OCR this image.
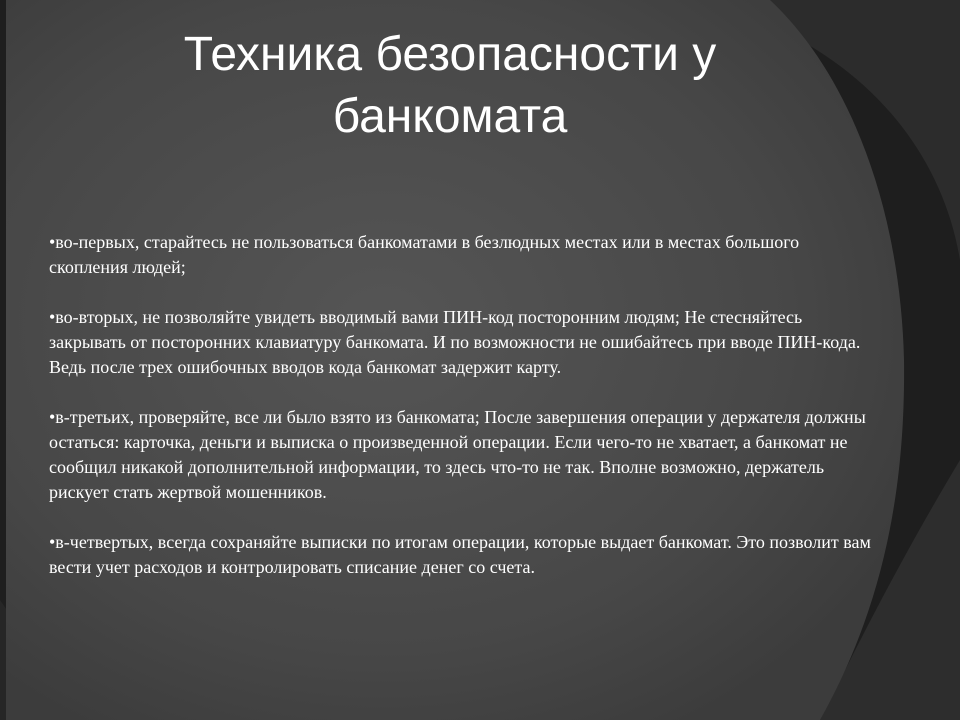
Техника безопасности у банкомата

•во-первых, старайтесь не пользоваться банкоматами в безлюдных местах или в местах большого скопления людей;

•во-вторых, не позволяйте увидеть вводимый вами ПИН-код посторонним людям; Не стесняйтесь закрывать от посторонних клавиатуру банкомата. И по возможности не ошибайтесь при вводе ПИН-кода. Ведь после трех ошибочных вводов кода банкомат задержит карту.

•в-третьих, проверяйте, все ли было взято из банкомата; После завершения операции у держателя должны остаться: карточка, деньги и выписка о произведенной операции. Если чего-то не хватает, а банкомат не сообщил никакой дополнительной информации, то здесь что-то не так. Вполне возможно, держатель рискует стать жертвой мошенников.

•в-четвертых, всегда сохраняйте выписки по итогам операции, которые выдает банкомат. Это позволит вам вести учет расходов и контролировать списание денег со счета.
